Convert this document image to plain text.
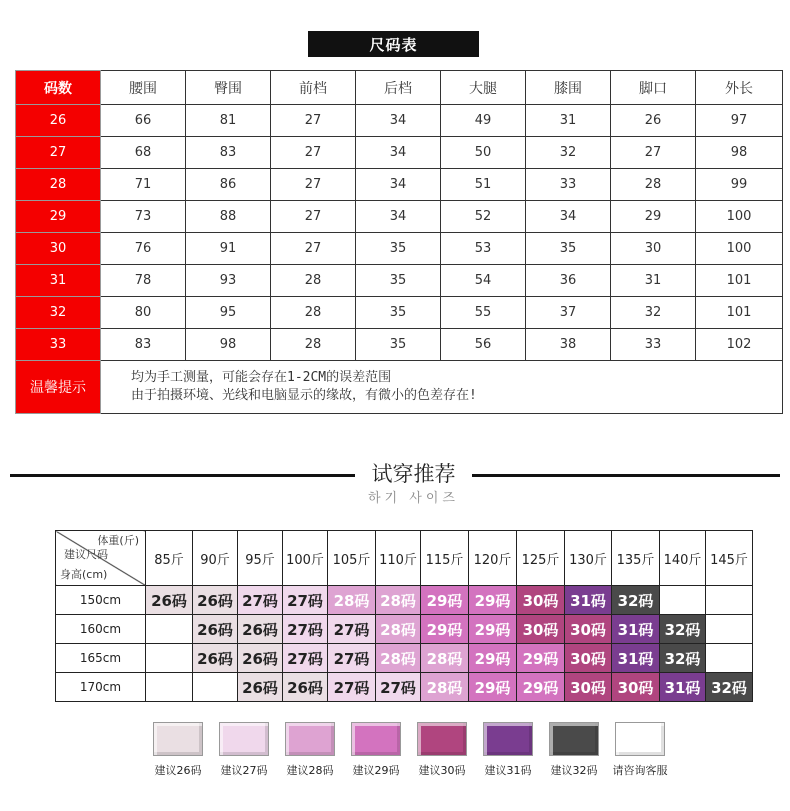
尺码表
码数	腰围	臀围	前档	后档	大腿	膝围	脚口	外长
26	66	81	27	34	49	31	26	97
27	68	83	27	34	50	32	27	98
28	71	86	27	34	51	33	28	99
29	73	88	27	34	52	34	29	100
30	76	91	27	35	53	35	30	100
31	78	93	28	35	54	36	31	101
32	80	95	28	35	55	37	32	101
33	83	98	28	35	56	38	33	102
温馨提示	均为手工测量，可能会存在1-2CM的误差范围
由于拍摄环境、光线和电脑显示的缘故，有微小的色差存在!							
试穿推荐
하기 사이즈
体重(斤)
建议尺码
身高(cm)	85斤	90斤	95斤	100斤	105斤	110斤	115斤	120斤	125斤	130斤	135斤	140斤	145斤
150cm	26码	26码	27码	27码	28码	28码	29码	29码	30码	31码	32码		
160cm		26码	26码	27码	27码	28码	29码	29码	30码	30码	31码	32码	
165cm		26码	26码	27码	27码	28码	28码	29码	29码	30码	31码	32码	
170cm			26码	26码	27码	27码	28码	29码	29码	30码	30码	31码	32码
建议26码 建议27码 建议28码 建议29码 建议30码 建议31码 建议32码 请咨询客服
